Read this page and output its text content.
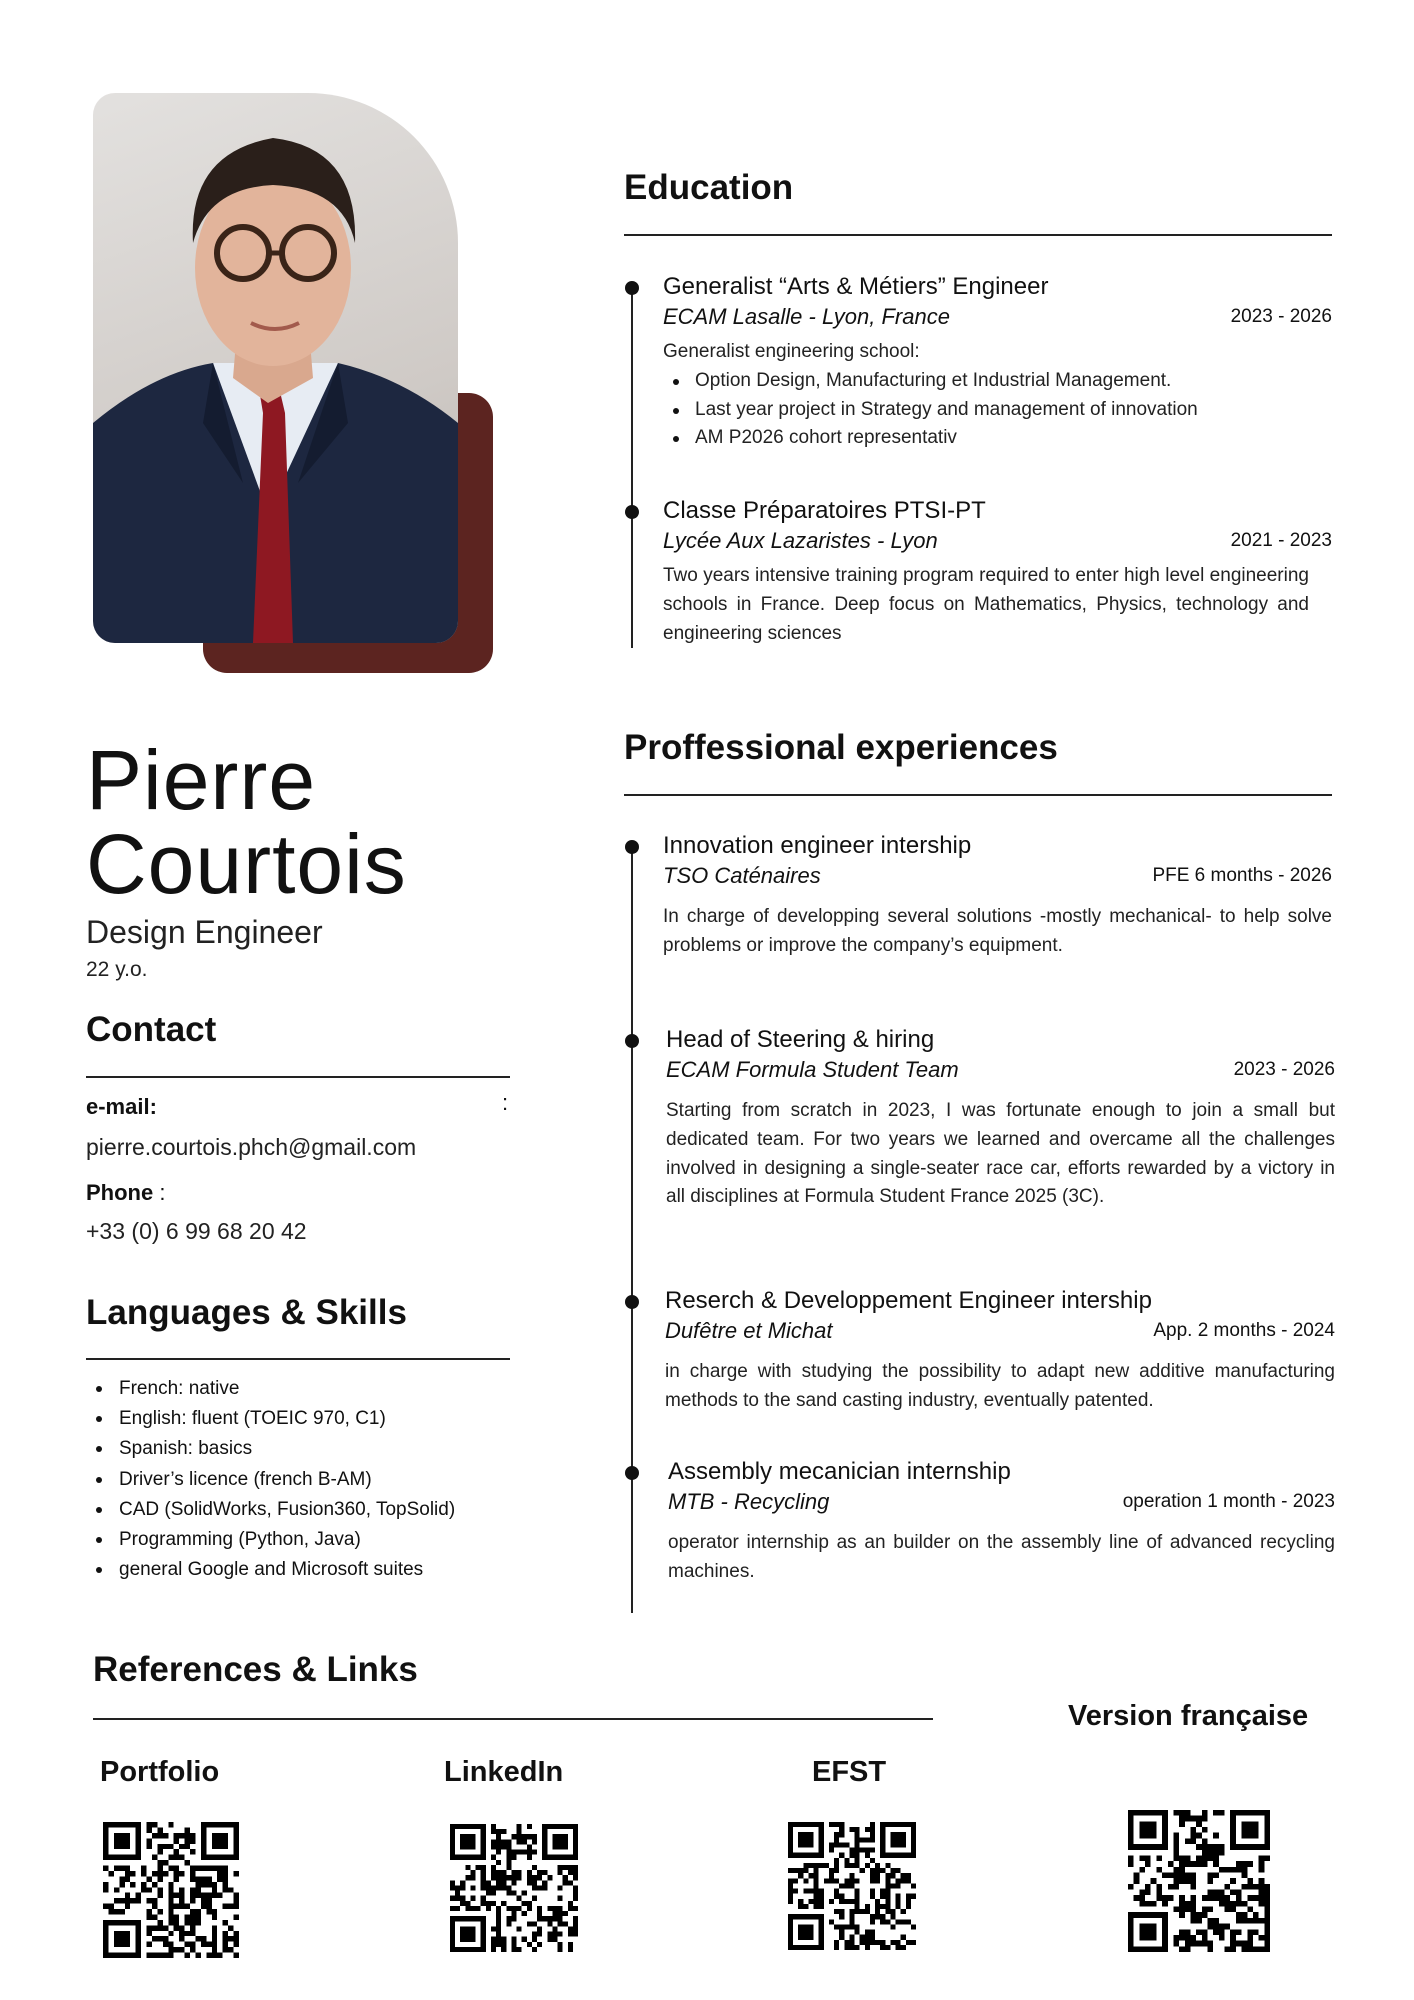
Pierre
Courtois
Design Engineer
22 y.o.
Contact
e-mail:	:
pierre.courtois.phch@gmail.com
Phone :
+33 (0) 6 99 68 20 42
Languages & Skills
French: native
English: fluent (TOEIC 970, C1)
Spanish: basics
Driver’s licence (french B-AM)
CAD (SolidWorks, Fusion360, TopSolid)
Programming (Python, Java)
general Google and Microsoft suites
Education
Generalist “Arts & Métiers” Engineer
ECAM Lasalle - Lyon, France	2023 - 2026
Generalist engineering school:
Option Design, Manufacturing et Industrial Management.
Last year project in Strategy and management of innovation
AM P2026 cohort representativ
Classe Préparatoires PTSI-PT
Lycée Aux Lazaristes - Lyon	2021 - 2023
Two years intensive training program required to enter high level engineering schools in France. Deep focus on Mathematics, Physics, technology and engineering sciences
Proffessional experiences
Innovation engineer intership
TSO Caténaires	PFE 6 months - 2026
In charge of developping several solutions -mostly mechanical- to help solve problems or improve the company’s equipment.
Head of Steering & hiring
ECAM Formula Student Team	2023 - 2026
Starting from scratch in 2023, I was fortunate enough to join a small but dedicated team. For two years we learned and overcame all the challenges involved in designing a single-seater race car, efforts rewarded by a victory in all disciplines at Formula Student France 2025 (3C).
Reserch & Developpement Engineer intership
Dufêtre et Michat	App. 2 months - 2024
in charge with studying the possibility to adapt new additive manufacturing methods to the sand casting industry, eventually patented.
Assembly mecanician internship
MTB - Recycling	operation 1 month - 2023
operator internship as an builder on the assembly line of advanced recycling machines.
References & Links
Version française
Portfolio	LinkedIn	EFST
